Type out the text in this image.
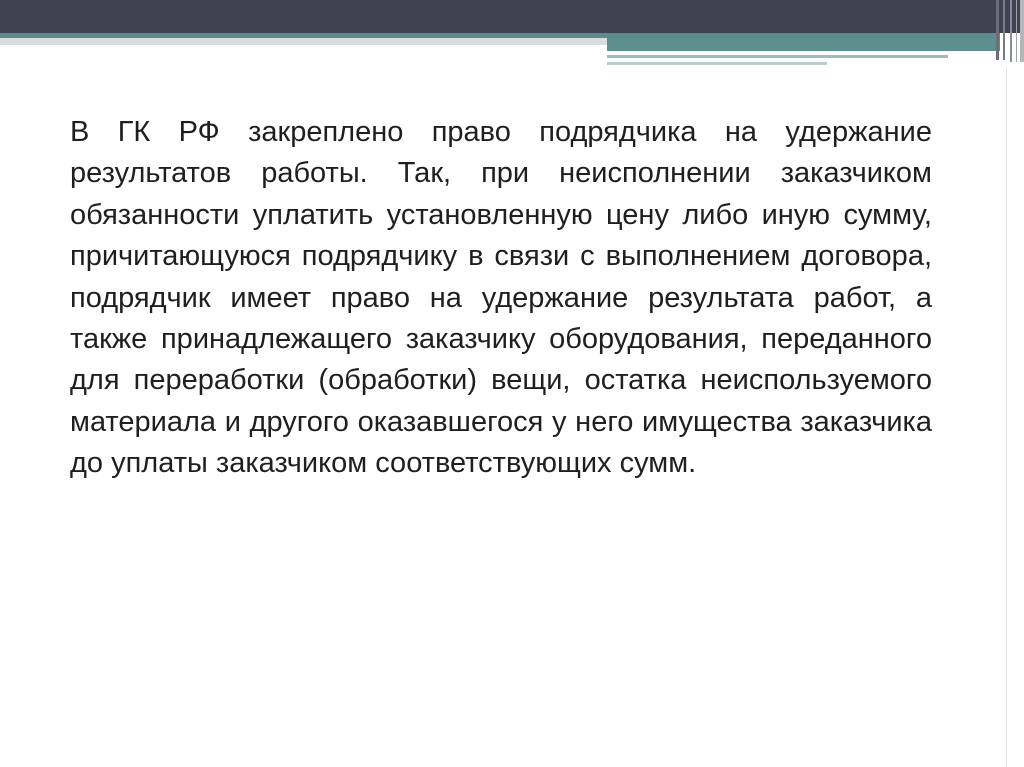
В ГК РФ закреплено право подрядчика на удержание результатов работы. Так, при неисполнении заказчиком обязанности уплатить установленную цену либо иную сумму, причитающуюся подрядчику в связи с выполнением договора, подрядчик имеет право на удержание результата работ, а также принадлежащего заказчику оборудования, переданного для переработки (обработки) вещи, остатка неиспользуемого материала и другого оказавшегося у него имущества заказчика до уплаты заказчиком соответствующих сумм.
